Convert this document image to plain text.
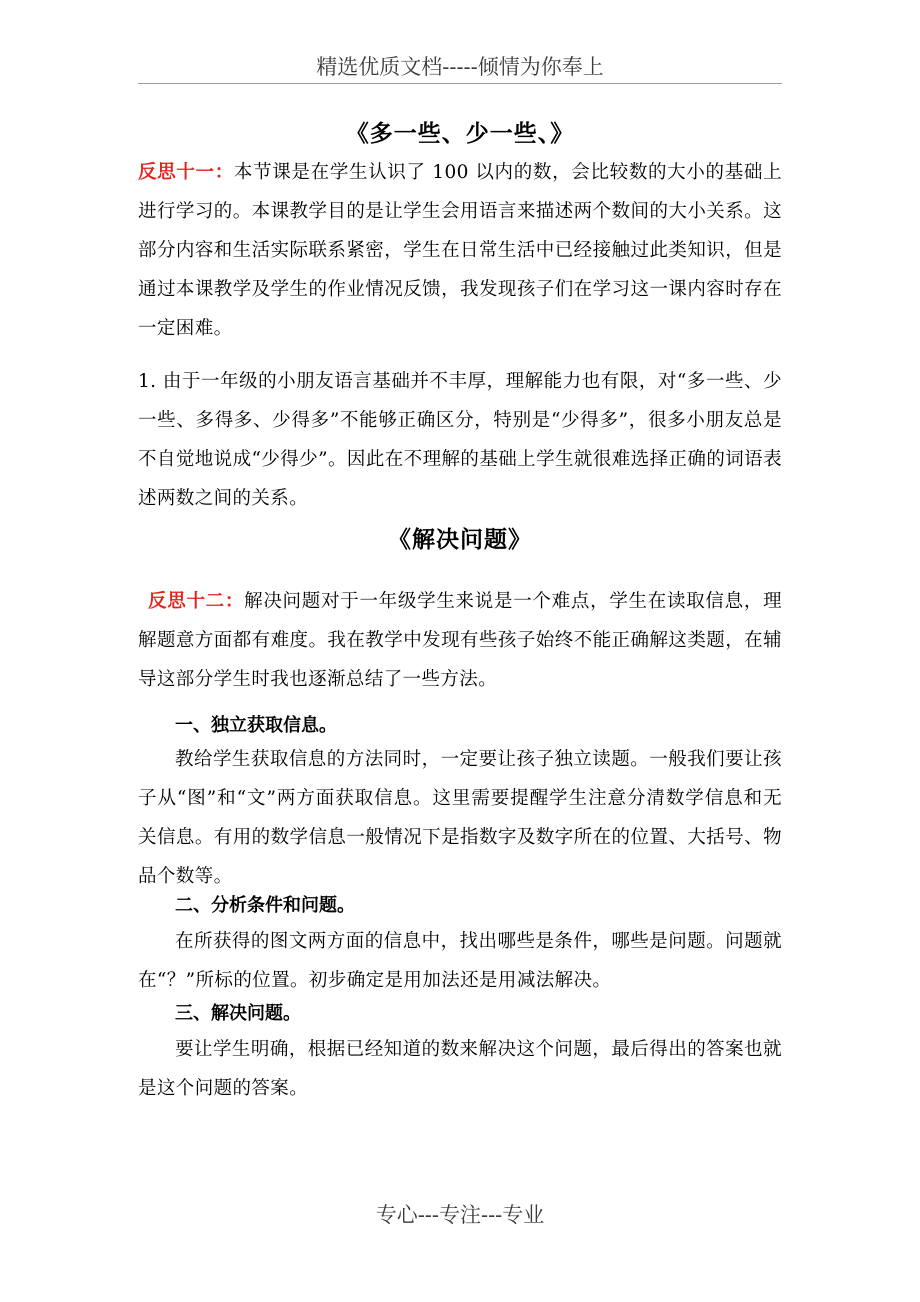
精选优质文档-----倾情为你奉上
《多一些、少一些、》
反思十一：本节课是在学生认识了 100 以内的数，会比较数的大小的基础上进行学习的。本课教学目的是让学生会用语言来描述两个数间的大小关系。这部分内容和生活实际联系紧密，学生在日常生活中已经接触过此类知识，但是通过本课教学及学生的作业情况反馈，我发现孩子们在学习这一课内容时存在一定困难。
1. 由于一年级的小朋友语言基础并不丰厚，理解能力也有限，对“多一些、少一些、多得多、少得多”不能够正确区分，特别是“少得多”，很多小朋友总是不自觉地说成“少得少”。因此在不理解的基础上学生就很难选择正确的词语表述两数之间的关系。
《解决问题》
反思十二：解决问题对于一年级学生来说是一个难点，学生在读取信息，理解题意方面都有难度。我在教学中发现有些孩子始终不能正确解这类题，在辅导这部分学生时我也逐渐总结了一些方法。
一、独立获取信息。
教给学生获取信息的方法同时，一定要让孩子独立读题。一般我们要让孩子从“图”和“文”两方面获取信息。这里需要提醒学生注意分清数学信息和无关信息。有用的数学信息一般情况下是指数字及数字所在的位置、大括号、物品个数等。
二、分析条件和问题。
在所获得的图文两方面的信息中，找出哪些是条件，哪些是问题。问题就在“？”所标的位置。初步确定是用加法还是用减法解决。
三、解决问题。
要让学生明确，根据已经知道的数来解决这个问题，最后得出的答案也就是这个问题的答案。
专心---专注---专业
